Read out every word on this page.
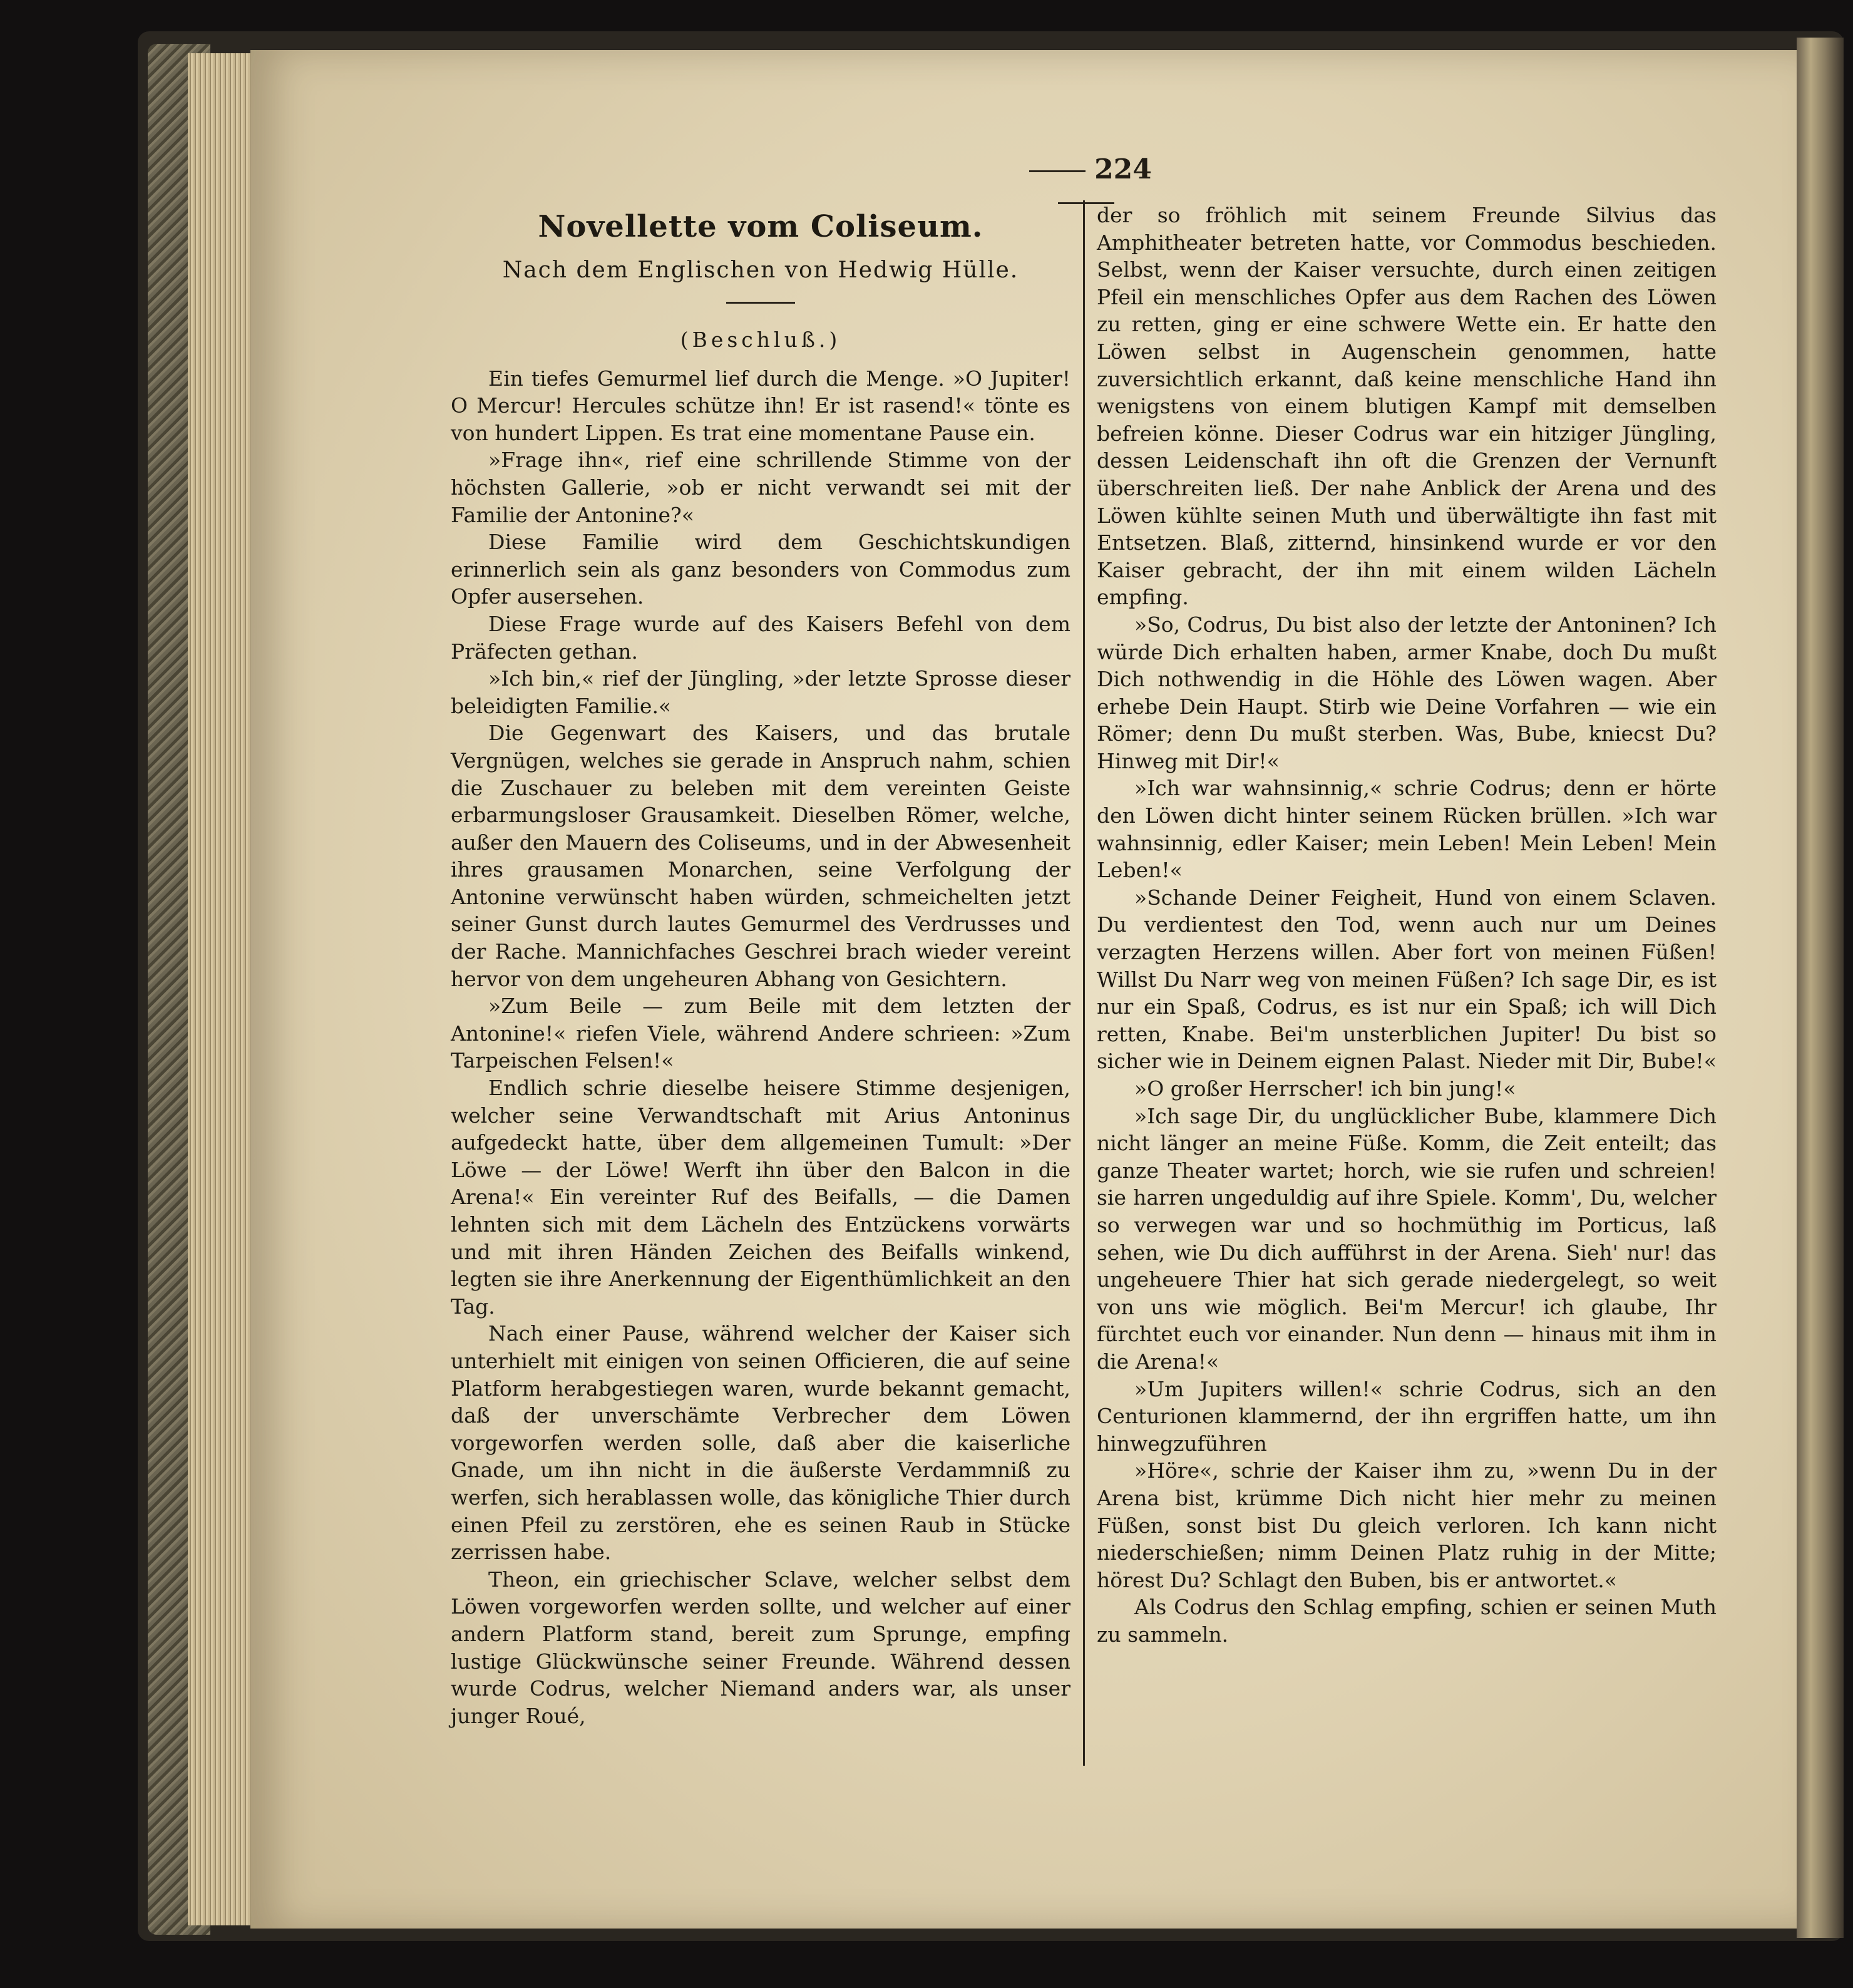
224
Novellette vom Coliseum.
Nach dem Englischen von Hedwig Hülle.
(Beschluß.)

Ein tiefes Gemurmel lief durch die Menge. »O Jupiter! O Mercur! Hercules schütze ihn! Er ist rasend!« tönte es von hundert Lippen. Es trat eine momentane Pause ein.

»Frage ihn«, rief eine schrillende Stimme von der höchsten Gallerie, »ob er nicht verwandt sei mit der Familie der Antonine?«

Diese Familie wird dem Geschichtskundigen erinnerlich sein als ganz besonders von Commodus zum Opfer ausersehen.

Diese Frage wurde auf des Kaisers Befehl von dem Präfecten gethan.

»Ich bin,« rief der Jüngling, »der letzte Sprosse dieser beleidigten Familie.«

Die Gegenwart des Kaisers, und das brutale Vergnügen, welches sie gerade in Anspruch nahm, schien die Zuschauer zu beleben mit dem vereinten Geiste erbarmungsloser Grausamkeit. Dieselben Römer, welche, außer den Mauern des Coliseums, und in der Abwesenheit ihres grausamen Monarchen, seine Verfolgung der Antonine verwünscht haben würden, schmeichelten jetzt seiner Gunst durch lautes Gemurmel des Verdrusses und der Rache. Mannichfaches Geschrei brach wieder vereint hervor von dem ungeheuren Abhang von Gesichtern.

»Zum Beile — zum Beile mit dem letzten der Antonine!« riefen Viele, während Andere schrieen: »Zum Tarpeischen Felsen!«

Endlich schrie dieselbe heisere Stimme desjenigen, welcher seine Verwandtschaft mit Arius Antoninus aufgedeckt hatte, über dem allgemeinen Tumult: »Der Löwe — der Löwe! Werft ihn über den Balcon in die Arena!« Ein vereinter Ruf des Beifalls, — die Damen lehnten sich mit dem Lächeln des Entzückens vorwärts und mit ihren Händen Zeichen des Beifalls winkend, legten sie ihre Anerkennung der Eigenthümlichkeit an den Tag.

Nach einer Pause, während welcher der Kaiser sich unterhielt mit einigen von seinen Officieren, die auf seine Platform herabgestiegen waren, wurde bekannt gemacht, daß der unverschämte Verbrecher dem Löwen vorgeworfen werden solle, daß aber die kaiserliche Gnade, um ihn nicht in die äußerste Verdammniß zu werfen, sich herablassen wolle, das königliche Thier durch einen Pfeil zu zerstören, ehe es seinen Raub in Stücke zerrissen habe.

Theon, ein griechischer Sclave, welcher selbst dem Löwen vorgeworfen werden sollte, und welcher auf einer andern Platform stand, bereit zum Sprunge, empfing lustige Glückwünsche seiner Freunde. Während dessen wurde Codrus, welcher Niemand anders war, als unser junger Roué,

der so fröhlich mit seinem Freunde Silvius das Amphitheater betreten hatte, vor Commodus beschieden. Selbst, wenn der Kaiser versuchte, durch einen zeitigen Pfeil ein menschliches Opfer aus dem Rachen des Löwen zu retten, ging er eine schwere Wette ein. Er hatte den Löwen selbst in Augenschein genommen, hatte zuversichtlich erkannt, daß keine menschliche Hand ihn wenigstens von einem blutigen Kampf mit demselben befreien könne. Dieser Codrus war ein hitziger Jüngling, dessen Leidenschaft ihn oft die Grenzen der Vernunft überschreiten ließ. Der nahe Anblick der Arena und des Löwen kühlte seinen Muth und überwältigte ihn fast mit Entsetzen. Blaß, zitternd, hinsinkend wurde er vor den Kaiser gebracht, der ihn mit einem wilden Lächeln empfing.

»So, Codrus, Du bist also der letzte der Antoninen? Ich würde Dich erhalten haben, armer Knabe, doch Du mußt Dich nothwendig in die Höhle des Löwen wagen. Aber erhebe Dein Haupt. Stirb wie Deine Vorfahren — wie ein Römer; denn Du mußt sterben. Was, Bube, kniecst Du? Hinweg mit Dir!«

»Ich war wahnsinnig,« schrie Codrus; denn er hörte den Löwen dicht hinter seinem Rücken brüllen. »Ich war wahnsinnig, edler Kaiser; mein Leben! Mein Leben! Mein Leben!«

»Schande Deiner Feigheit, Hund von einem Sclaven. Du verdientest den Tod, wenn auch nur um Deines verzagten Herzens willen. Aber fort von meinen Füßen! Willst Du Narr weg von meinen Füßen? Ich sage Dir, es ist nur ein Spaß, Codrus, es ist nur ein Spaß; ich will Dich retten, Knabe. Bei'm unsterblichen Jupiter! Du bist so sicher wie in Deinem eignen Palast. Nieder mit Dir, Bube!«

»O großer Herrscher! ich bin jung!«

»Ich sage Dir, du unglücklicher Bube, klammere Dich nicht länger an meine Füße. Komm, die Zeit enteilt; das ganze Theater wartet; horch, wie sie rufen und schreien! sie harren ungeduldig auf ihre Spiele. Komm', Du, welcher so verwegen war und so hochmüthig im Porticus, laß sehen, wie Du dich aufführst in der Arena. Sieh' nur! das ungeheuere Thier hat sich gerade niedergelegt, so weit von uns wie möglich. Bei'm Mercur! ich glaube, Ihr fürchtet euch vor einander. Nun denn — hinaus mit ihm in die Arena!«

»Um Jupiters willen!« schrie Codrus, sich an den Centurionen klammernd, der ihn ergriffen hatte, um ihn hinwegzuführen

»Höre«, schrie der Kaiser ihm zu, »wenn Du in der Arena bist, krümme Dich nicht hier mehr zu meinen Füßen, sonst bist Du gleich verloren. Ich kann nicht niederschießen; nimm Deinen Platz ruhig in der Mitte; hörest Du? Schlagt den Buben, bis er antwortet.«

Als Codrus den Schlag empfing, schien er seinen Muth zu sammeln.
